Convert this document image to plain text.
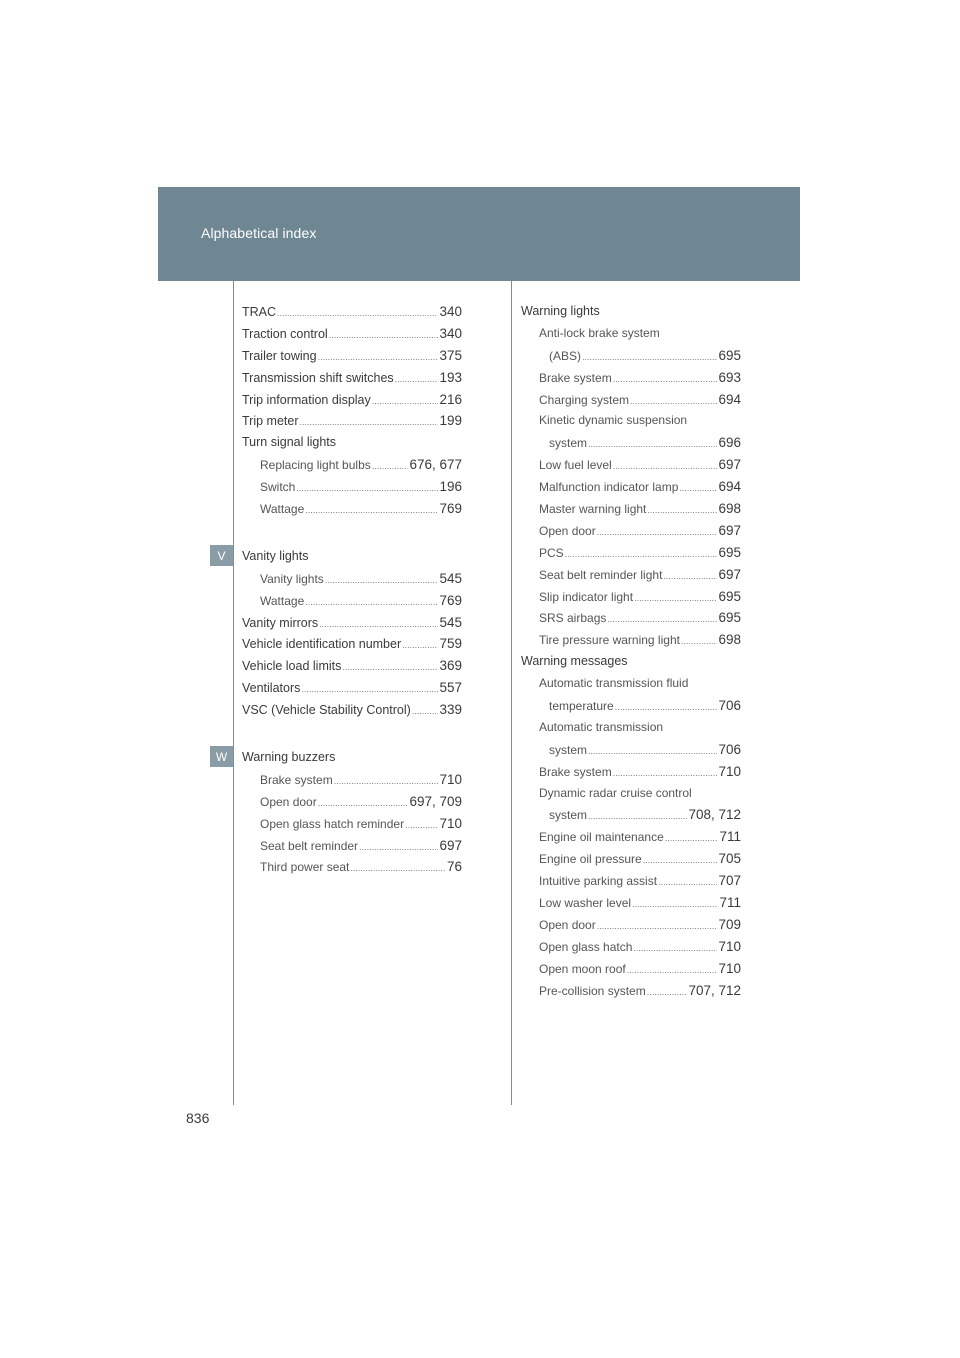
Alphabetical index
V
W
TRAC .....	340
Traction control .....	340
Trailer towing .....	375
Transmission shift switches .....	193
Trip information display .....	216
Trip meter .....	199
Turn signal lights
Replacing light bulbs .....	676, 677
Switch .....	196
Wattage .....	769
Vanity lights
Vanity lights .....	545
Wattage .....	769
Vanity mirrors .....	545
Vehicle identification number .....	759
Vehicle load limits .....	369
Ventilators .....	557
VSC (Vehicle Stability Control) ..... 339
Warning buzzers
Brake system .....	710
Open door .....	697, 709
Open glass hatch reminder .....	710
Seat belt reminder .....	697
Third power seat .....	76
Warning lights
Anti-lock brake system
(ABS) .....	695
Brake system .....	693
Charging system .....	694
Kinetic dynamic suspension
system .....	696
Low fuel level .....	697
Malfunction indicator lamp .....	694
Master warning light .....	698
Open door .....	697
PCS .....	695
Seat belt reminder light .....	697
Slip indicator light .....	695
SRS airbags .....	695
Tire pressure warning light .....	698
Warning messages
Automatic transmission fluid
temperature .....	706
Automatic transmission
system .....	706
Brake system .....	710
Dynamic radar cruise control
system .....	708, 712
Engine oil maintenance .....	711
Engine oil pressure .....	705
Intuitive parking assist .....	707
Low washer level .....	711
Open door .....	709
Open glass hatch .....	710
Open moon roof .....	710
Pre-collision system .....	707, 712
836
